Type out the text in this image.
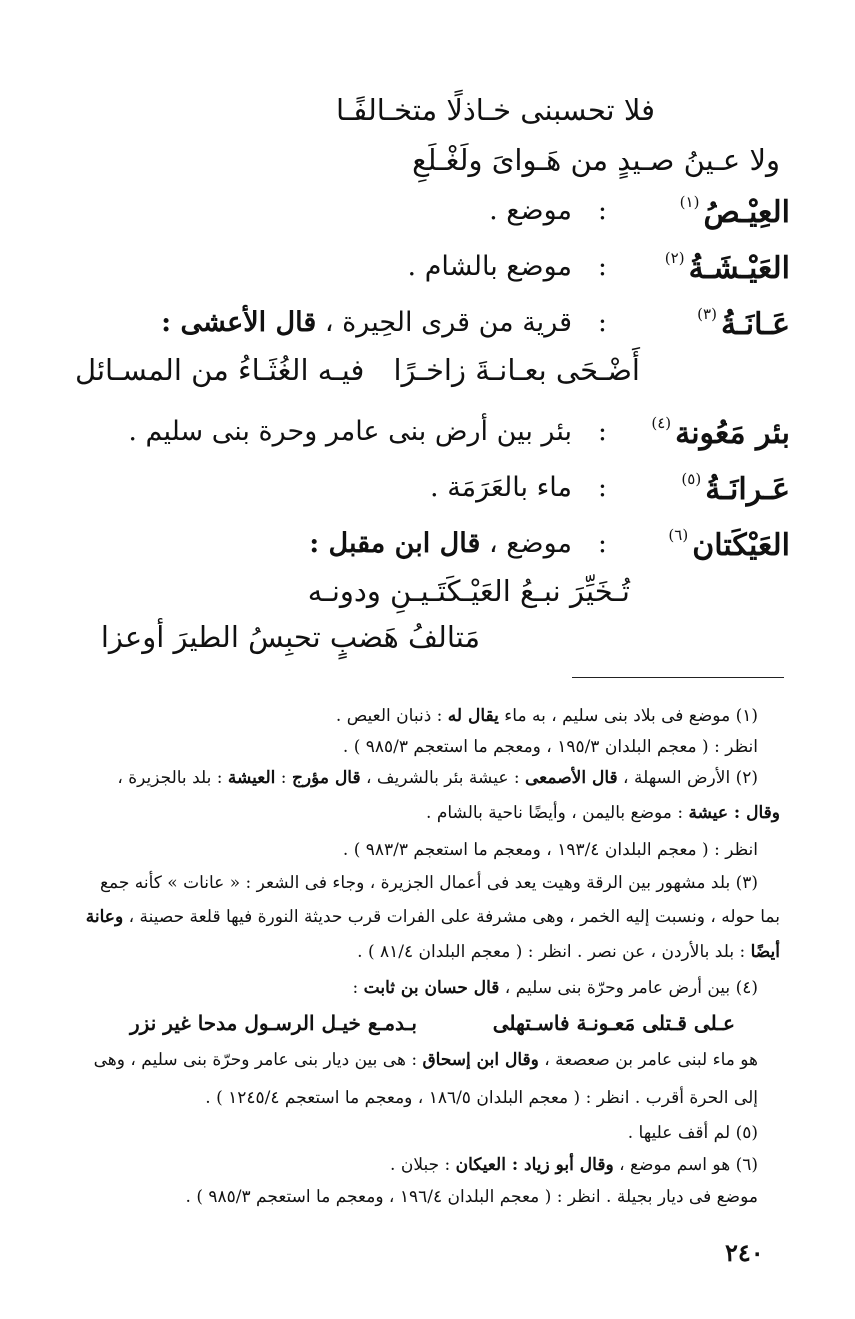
فلا تحسبنى خـاذلًا متخـالفًـا
ولا عـينُ صـيدٍ من هَـواىَ ولَغْـلَعِ
العِيْـصُ$^{(١)}$
:
موضع .
العَيْـشَـةُ$^{(٢)}$
:
موضع بالشام .
عَـانَـةُ$^{(٣)}$
:
قرية من قرى الحِيرة ، قال الأعشى :
أَضْـحَى بعـانـةَ زاخـرًا
فيـه الغُثَـاءُ من المسـائل
بئر مَعُونة$^{(٤)}$
:
بئر بين أرض بنى عامر وحرة بنى سليم .
عَـرانَـةُ$^{(٥)}$
:
ماء بالعَرَمَة .
العَيْكَتان$^{(٦)}$
:
موضع ، قال ابن مقبل :
تُـخَيِّرَ نبـعُ العَيْـكَتَـيـنِ ودونـه
مَتالفُ هَضبٍ تحبِسُ الطيرَ أوعزا
(١) موضع فى بلاد بنى سليم ، به ماء يقال له : ذنبان العيص .
انظر : ( معجم البلدان ١٩٥/٣ ، ومعجم ما استعجم ٩٨٥/٣ ) .
(٢) الأرض السهلة ، قال الأصمعى : عيشة بئر بالشريف ، قال مؤرج : العيشة : بلد بالجزيرة ،
وقال : عيشة : موضع باليمن ، وأيضًا ناحية بالشام .
انظر : ( معجم البلدان ١٩٣/٤ ، ومعجم ما استعجم ٩٨٣/٣ ) .
(٣) بلد مشهور بين الرقة وهيت يعد فى أعمال الجزيرة ، وجاء فى الشعر : « عانات » كأنه جمع
بما حوله ، ونسبت إليه الخمر ، وهى مشرفة على الفرات قرب حديثة النورة فيها قلعة حصينة ، وعانة
أيضًا : بلد بالأردن ، عن نصر . انظر : ( معجم البلدان ٨١/٤ ) .
(٤) بين أرض عامر وحرّة بنى سليم ، قال حسان بن ثابت :
عـلى قـتلى مَعـونـة فاسـتهلى
بـدمـع خيـل الرسـول مدحا غير نزر
هو ماء لبنى عامر بن صعصعة ، وقال ابن إسحاق : هى بين ديار بنى عامر وحرّة بنى سليم ، وهى
إلى الحرة أقرب . انظر : ( معجم البلدان ١٨٦/٥ ، ومعجم ما استعجم ١٢٤٥/٤ ) .
(٥) لم أقف عليها .
(٦) هو اسم موضع ، وقال أبو زياد : العيكان : جبلان .
موضع فى ديار بجيلة . انظر : ( معجم البلدان ١٩٦/٤ ، ومعجم ما استعجم ٩٨٥/٣ ) .
٢٤٠
